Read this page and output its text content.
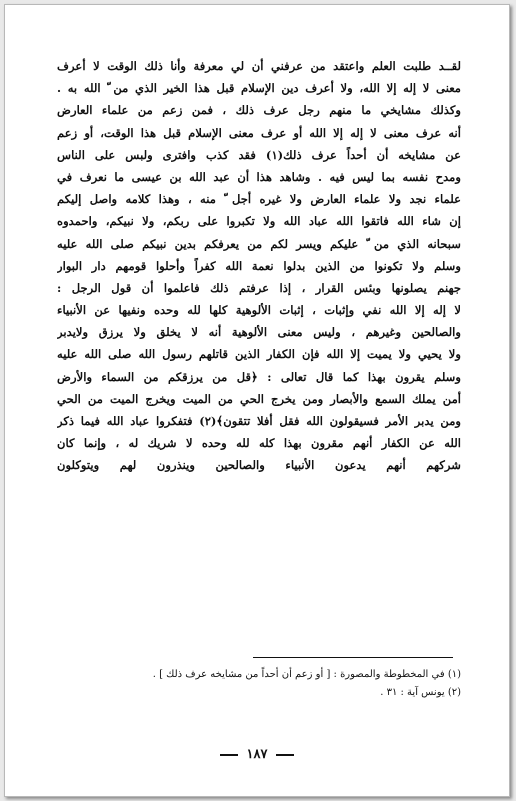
لقــد طلبت العلم واعتقد من عرفني أن لي معرفة وأنا ذلك الوقت لا أعرف
معنى لا إله إلا الله، ولا أعرف دين الإسلام قبل هذا الخير الذي من ّ الله به .
وكذلك مشايخي ما منهم رجل عرف ذلك ، فمن زعم من علماء العارض
أنه عرف معنى لا إله إلا الله أو عرف معنى الإسلام قبل هذا الوقت، أو زعم
عن مشايخه أن أحداً عرف ذلك(١) فقد كذب وافترى ولبس على الناس
ومدح نفسه بما ليس فيه . وشاهد هذا أن عبد الله بن عيسى ما نعرف في
علماء نجد ولا علماء العارض ولا غيره أجل ّ منه ، وهذا كلامه واصل إليكم
إن شاء الله فاتقوا الله عباد الله ولا تكبروا على ربكم، ولا نبيكم، واحمدوه
سبحانه الذي من ّ عليكم ويسر لكم من يعرفكم بدين نبيكم صلى الله عليه
وسلم ولا تكونوا من الذين بدلوا نعمة الله كفراً وأحلوا قومهم دار البوار
جهنم يصلونها وبئس القرار ، إذا عرفتم ذلك فاعلموا أن قول الرجل :
لا إله إلا الله نفي وإثبات ، إثبات الألوهية كلها لله وحده ونفيها عن الأنبياء
والصالحين وغيرهم ، وليس معنى الألوهية أنه لا يخلق ولا يرزق ولايدبر
ولا يحيي ولا يميت إلا الله فإن الكفار الذين قاتلهم رسول الله صلى الله عليه
وسلم يقرون بهذا كما قال تعالى : ﴿قل من يرزقكم من السماء والأرض
أمن يملك السمع والأبصار ومن يخرج الحي من الميت ويخرج الميت من الحي
ومن يدبر الأمر فسيقولون الله فقل أفلا تتقون﴾(٢) فتفكروا عباد الله فيما ذكر
الله عن الكفار أنهم مقرون بهذا كله لله وحده لا شريك له ، وإنما كان
شركهم أنهم يدعون الأنبياء والصالحين وينذرون لهم ويتوكلون
(١) في المخطوطة والمصورة : [ أو زعم أن أحداً من مشايخه عرف ذلك ] .
(٢) يونس آية : ٣١ .
١٨٧
